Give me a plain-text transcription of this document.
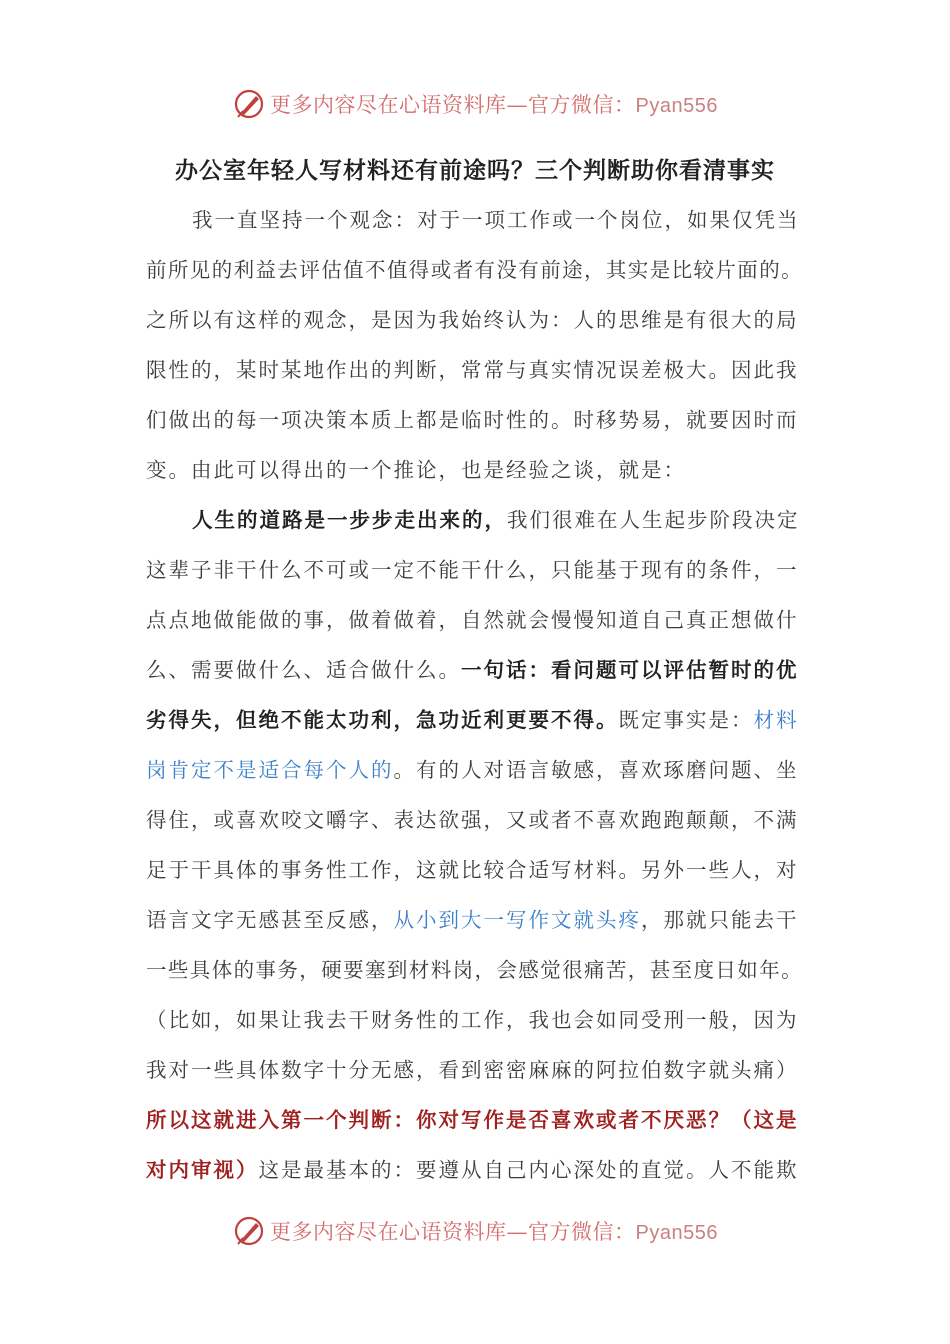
更多内容尽在心语资料库—官方微信：Pyan556
办公室年轻人写材料还有前途吗？三个判断助你看清事实
我一直坚持一个观念：对于一项工作或一个岗位，如果仅凭当
前所见的利益去评估值不值得或者有没有前途，其实是比较片面的。
之所以有这样的观念，是因为我始终认为：人的思维是有很大的局
限性的，某时某地作出的判断，常常与真实情况误差极大。因此我
们做出的每一项决策本质上都是临时性的。时移势易，就要因时而
变。由此可以得出的一个推论，也是经验之谈，就是：
人生的道路是一步步走出来的，我们很难在人生起步阶段决定
这辈子非干什么不可或一定不能干什么，只能基于现有的条件，一
点点地做能做的事，做着做着，自然就会慢慢知道自己真正想做什
么、需要做什么、适合做什么。一句话：看问题可以评估暂时的优
劣得失，但绝不能太功利，急功近利更要不得。既定事实是：材料
岗肯定不是适合每个人的。有的人对语言敏感，喜欢琢磨问题、坐
得住，或喜欢咬文嚼字、表达欲强，又或者不喜欢跑跑颠颠，不满
足于干具体的事务性工作，这就比较合适写材料。另外一些人，对
语言文字无感甚至反感，从小到大一写作文就头疼，那就只能去干
一些具体的事务，硬要塞到材料岗，会感觉很痛苦，甚至度日如年。
（比如，如果让我去干财务性的工作，我也会如同受刑一般，因为
我对一些具体数字十分无感，看到密密麻麻的阿拉伯数字就头痛）
所以这就进入第一个判断：你对写作是否喜欢或者不厌恶？（这是
对内审视）这是最基本的：要遵从自己内心深处的直觉。人不能欺
更多内容尽在心语资料库—官方微信：Pyan556
